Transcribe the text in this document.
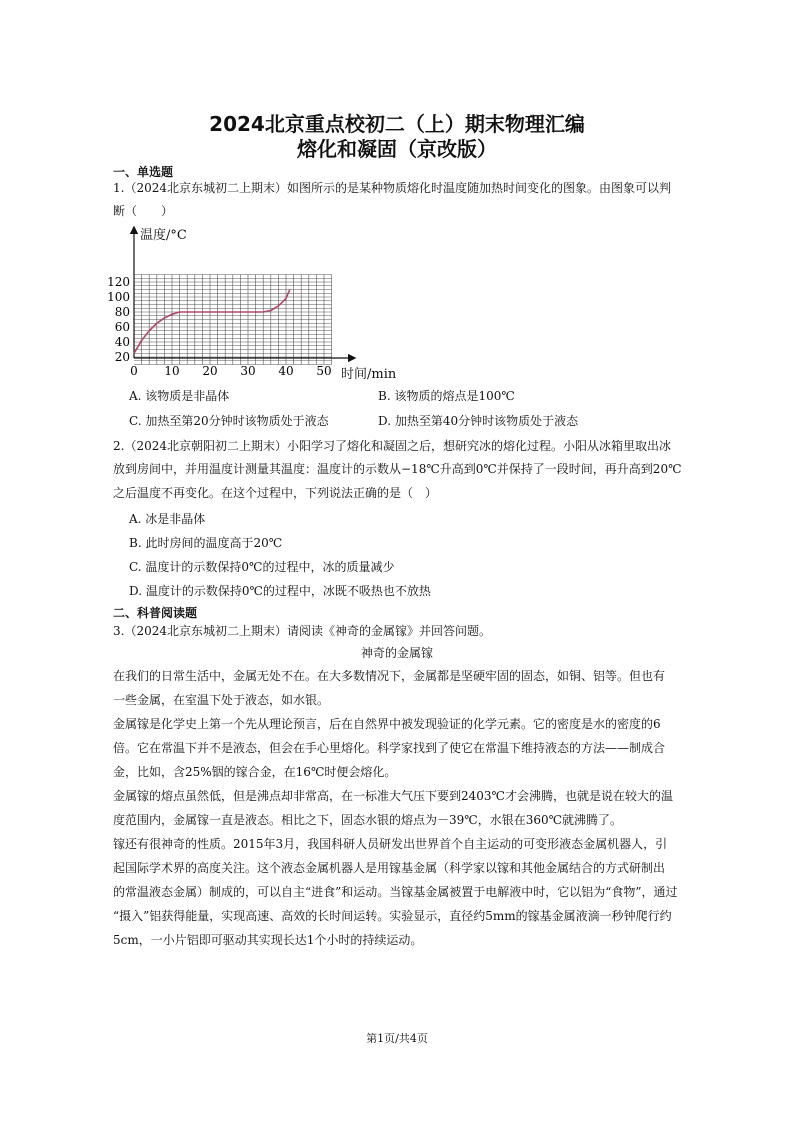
2024北京重点校初二（上）期末物理汇编
熔化和凝固（京改版）
一、单选题
1.（2024北京东城初二上期末）如图所示的是某种物质熔化时温度随加热时间变化的图象。由图象可以判
断（　　）
20
40
60
80
100
120
0 10 20 30 40 50
温度/°C
时间/min
A. 该物质是非晶体	B. 该物质的熔点是100℃
C. 加热至第20分钟时该物质处于液态	D. 加热至第40分钟时该物质处于液态
2.（2024北京朝阳初二上期末）小阳学习了熔化和凝固之后，想研究冰的熔化过程。小阳从冰箱里取出冰
放到房间中，并用温度计测量其温度：温度计的示数从−18℃升高到0℃并保持了一段时间，再升高到20℃
之后温度不再变化。在这个过程中，下列说法正确的是（　）
A. 冰是非晶体
B. 此时房间的温度高于20℃
C. 温度计的示数保持0℃的过程中，冰的质量减少
D. 温度计的示数保持0℃的过程中，冰既不吸热也不放热
二、科普阅读题
3.（2024北京东城初二上期末）请阅读《神奇的金属镓》并回答问题。
神奇的金属镓
在我们的日常生活中，金属无处不在。在大多数情况下，金属都是坚硬牢固的固态，如铜、铝等。但也有
一些金属，在室温下处于液态，如水银。
金属镓是化学史上第一个先从理论预言，后在自然界中被发现验证的化学元素。它的密度是水的密度的6
倍。它在常温下并不是液态，但会在手心里熔化。科学家找到了使它在常温下维持液态的方法——制成合
金，比如，含25%铟的镓合金，在16℃时便会熔化。
金属镓的熔点虽然低，但是沸点却非常高，在一标准大气压下要到2403℃才会沸腾，也就是说在较大的温
度范围内，金属镓一直是液态。相比之下，固态水银的熔点为－39℃，水银在360℃就沸腾了。
镓还有很神奇的性质。2015年3月，我国科研人员研发出世界首个自主运动的可变形液态金属机器人，引
起国际学术界的高度关注。这个液态金属机器人是用镓基金属（科学家以镓和其他金属结合的方式研制出
的常温液态金属）制成的，可以自主“进食”和运动。当镓基金属被置于电解液中时，它以铝为“食物”，通过
“摄入”铝获得能量，实现高速、高效的长时间运转。实验显示，直径约5mm的镓基金属液滴一秒钟爬行约
5cm，一小片铝即可驱动其实现长达1个小时的持续运动。
第1页/共4页
